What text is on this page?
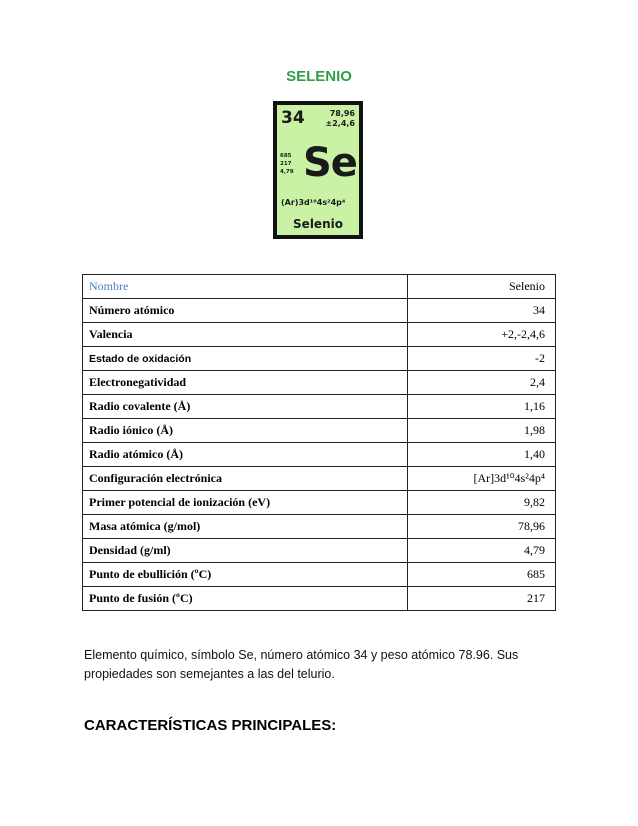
SELENIO
34	78,96
±2,4,6
685
217
4,79 Se
(Ar)3d¹⁰4s²4p⁴
Selenio
Nombre	Selenio
Número atómico	34
Valencia	+2,-2,4,6
Estado de oxidación	-2
Electronegatividad	2,4
Radio covalente (Å)	1,16
Radio iónico (Å)	1,98
Radio atómico (Å)	1,40
Configuración electrónica	[Ar]3d¹⁰4s²4p⁴
Primer potencial de ionización (eV)	9,82
Masa atómica (g/mol)	78,96
Densidad (g/ml)	4,79
Punto de ebullición (ºC)	685
Punto de fusión (ºC)	217

Elemento químico, símbolo Se, número atómico 34 y peso atómico 78.96. Sus propiedades son semejantes a las del telurio.

CARACTERÍSTICAS PRINCIPALES:
